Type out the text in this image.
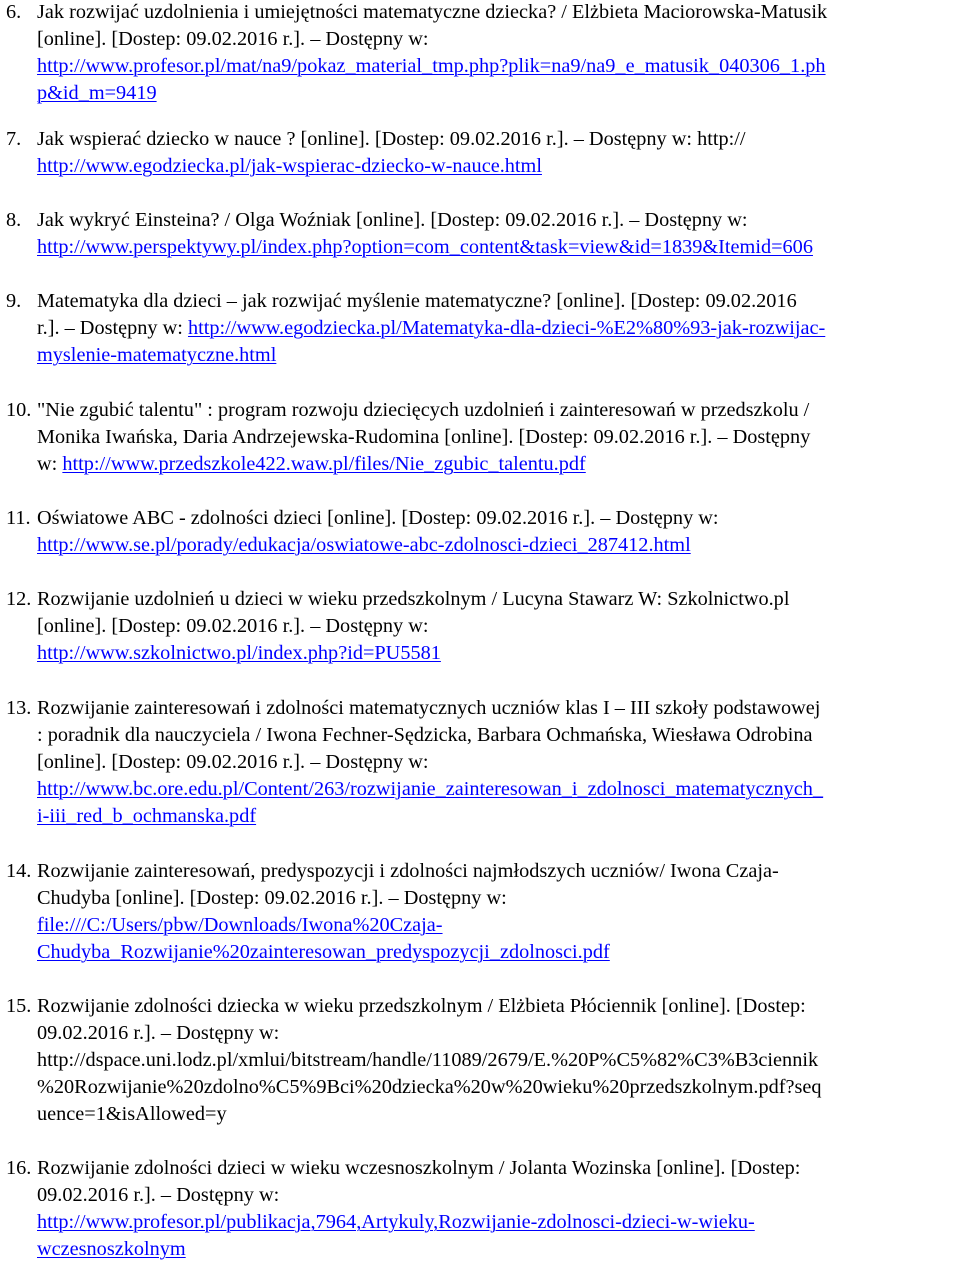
6. Jak rozwijać uzdolnienia i umiejętności matematyczne dziecka? / Elżbieta Maciorowska-Matusik
[online]. [Dostep: 09.02.2016 r.]. – Dostępny w:
http://www.profesor.pl/mat/na9/pokaz_material_tmp.php?plik=na9/na9_e_matusik_040306_1.ph
p&id_m=9419
7. Jak wspierać dziecko w nauce ? [online]. [Dostep: 09.02.2016 r.]. – Dostępny w: http://
http://www.egodziecka.pl/jak-wspierac-dziecko-w-nauce.html
8. Jak wykryć Einsteina? / Olga Woźniak [online]. [Dostep: 09.02.2016 r.]. – Dostępny w:
http://www.perspektywy.pl/index.php?option=com_content&task=view&id=1839&Itemid=606
9. Matematyka dla dzieci – jak rozwijać myślenie matematyczne? [online]. [Dostep: 09.02.2016
r.]. – Dostępny w: http://www.egodziecka.pl/Matematyka-dla-dzieci-%E2%80%93-jak-rozwijac-
myslenie-matematyczne.html
10. "Nie zgubić talentu" : program rozwoju dziecięcych uzdolnień i zainteresowań w przedszkolu /
Monika Iwańska, Daria Andrzejewska-Rudomina [online]. [Dostep: 09.02.2016 r.]. – Dostępny
w: http://www.przedszkole422.waw.pl/files/Nie_zgubic_talentu.pdf
11. Oświatowe ABC - zdolności dzieci [online]. [Dostep: 09.02.2016 r.]. – Dostępny w:
http://www.se.pl/porady/edukacja/oswiatowe-abc-zdolnosci-dzieci_287412.html
12. Rozwijanie uzdolnień u dzieci w wieku przedszkolnym / Lucyna Stawarz W: Szkolnictwo.pl
[online]. [Dostep: 09.02.2016 r.]. – Dostępny w:
http://www.szkolnictwo.pl/index.php?id=PU5581
13. Rozwijanie zainteresowań i zdolności matematycznych uczniów klas I – III szkoły podstawowej
: poradnik dla nauczyciela / Iwona Fechner-Sędzicka, Barbara Ochmańska, Wiesława Odrobina
[online]. [Dostep: 09.02.2016 r.]. – Dostępny w:
http://www.bc.ore.edu.pl/Content/263/rozwijanie_zainteresowan_i_zdolnosci_matematycznych_
i-iii_red_b_ochmanska.pdf
14. Rozwijanie zainteresowań, predyspozycji i zdolności najmłodszych uczniów/ Iwona Czaja-
Chudyba [online]. [Dostep: 09.02.2016 r.]. – Dostępny w:
file:///C:/Users/pbw/Downloads/Iwona%20Czaja-
Chudyba_Rozwijanie%20zainteresowan_predyspozycji_zdolnosci.pdf
15. Rozwijanie zdolności dziecka w wieku przedszkolnym / Elżbieta Płóciennik [online]. [Dostep:
09.02.2016 r.]. – Dostępny w:
http://dspace.uni.lodz.pl/xmlui/bitstream/handle/11089/2679/E.%20P%C5%82%C3%B3ciennik
%20Rozwijanie%20zdolno%C5%9Bci%20dziecka%20w%20wieku%20przedszkolnym.pdf?seq
uence=1&isAllowed=y
16. Rozwijanie zdolności dzieci w wieku wczesnoszkolnym / Jolanta Wozinska [online]. [Dostep:
09.02.2016 r.]. – Dostępny w:
http://www.profesor.pl/publikacja,7964,Artykuly,Rozwijanie-zdolnosci-dzieci-w-wieku-
wczesnoszkolnym
